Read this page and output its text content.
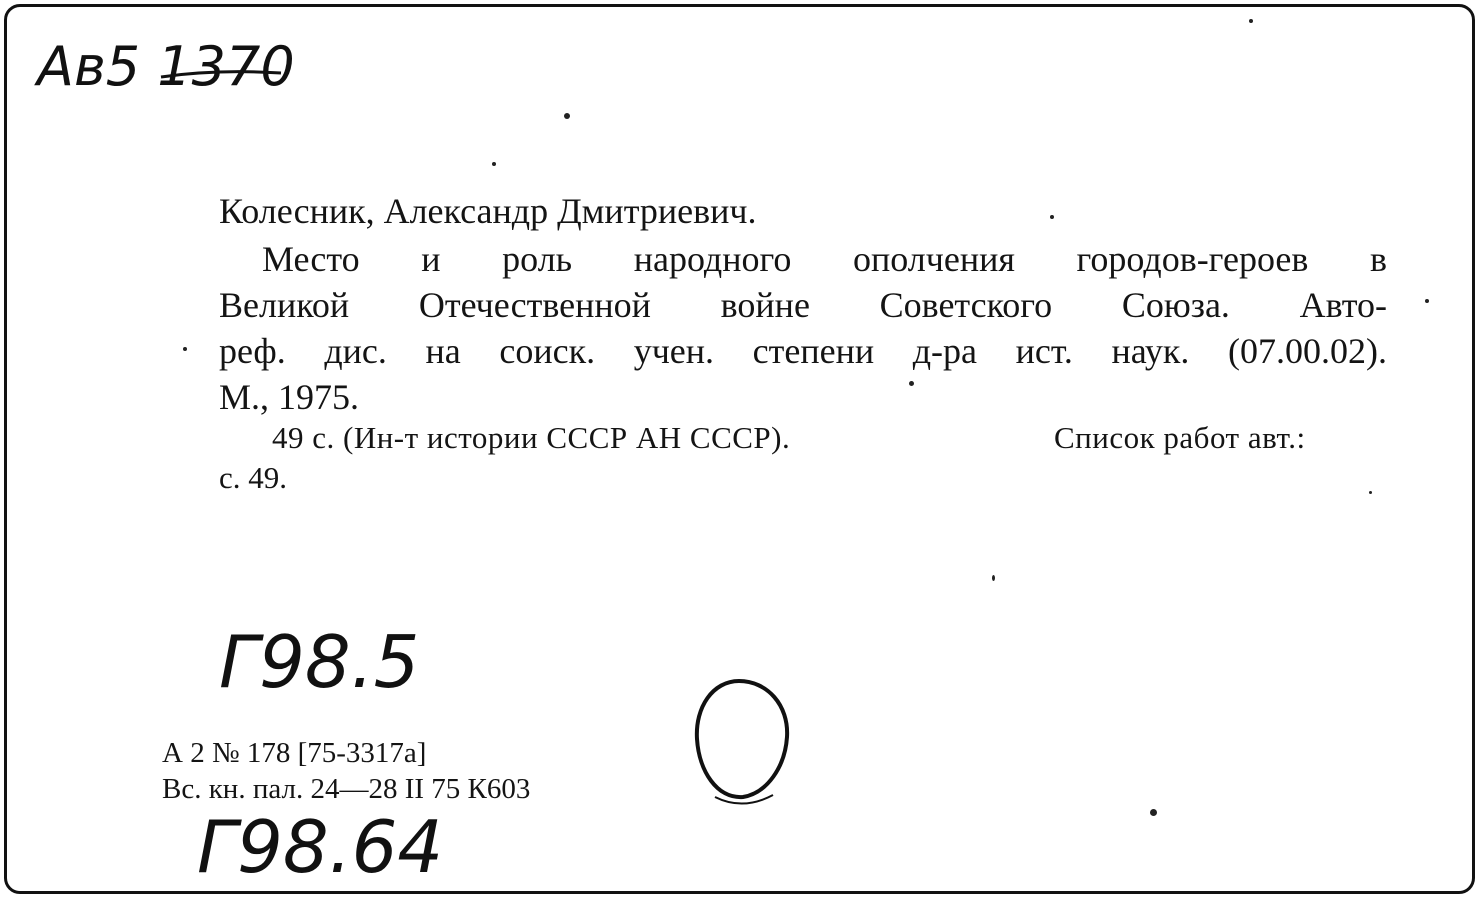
Ав5 1370
Колесник, Александр Дмитриевич.
Место и роль народного ополчения городов-героев в
Великой Отечественной войне Советского Союза. Авто-
реф. дис. на соиск. учен. степени д-ра ист. наук. (07.00.02).
М., 1975.
49 с. (Ин-т истории СССР АН СССР).	Список работ авт.:
с. 49.
Г98.5
А 2 № 178 [75-3317а]
Вс. кн. пал. 24—28 II 75 К603
Г98.64
